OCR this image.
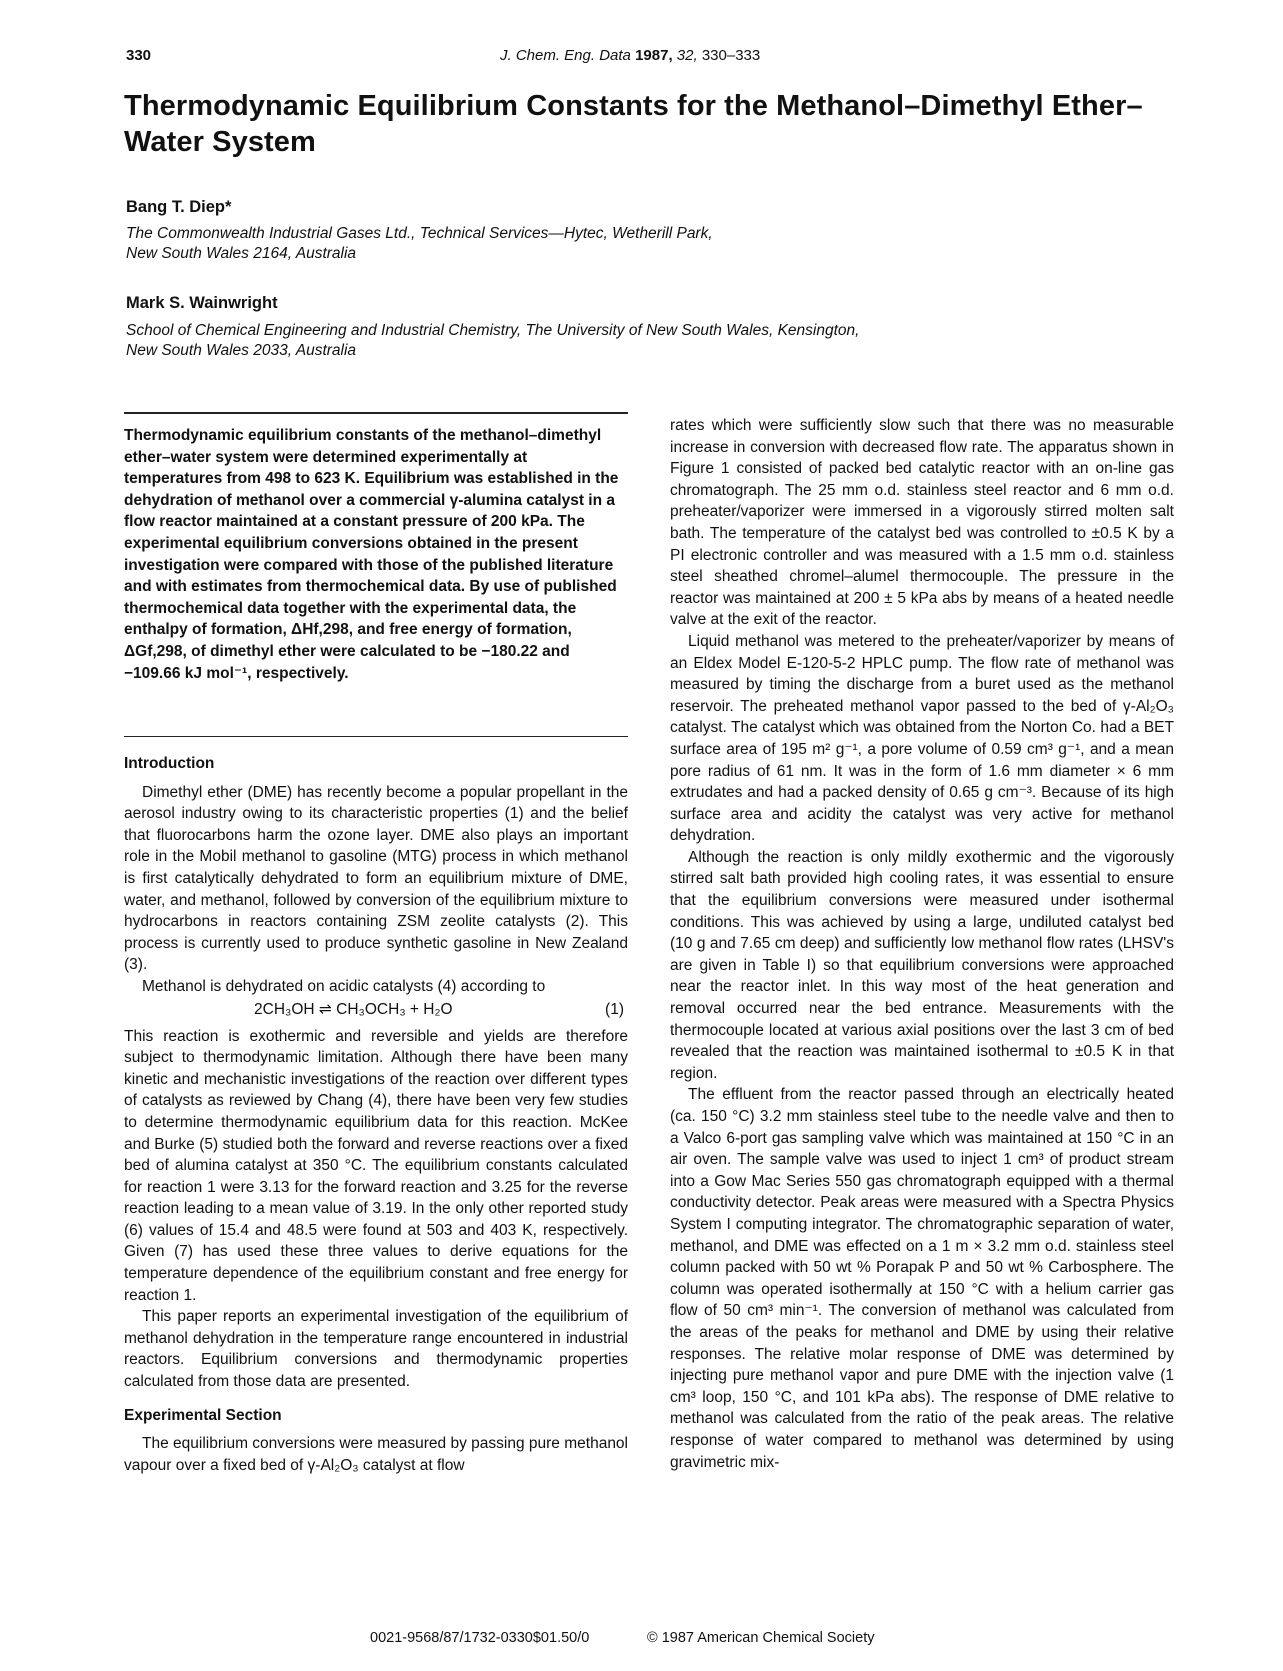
330	J. Chem. Eng. Data 1987, 32, 330–333
Thermodynamic Equilibrium Constants for the Methanol–Dimethyl Ether–Water System

Bang T. Diep*

The Commonwealth Industrial Gases Ltd., Technical Services—Hytec, Wetherill Park,
New South Wales 2164, Australia

Mark S. Wainwright

School of Chemical Engineering and Industrial Chemistry, The University of New South Wales, Kensington,
New South Wales 2033, Australia

Thermodynamic equilibrium constants of the methanol–dimethyl ether–water system were determined experimentally at temperatures from 498 to 623 K. Equilibrium was established in the dehydration of methanol over a commercial γ-alumina catalyst in a flow reactor maintained at a constant pressure of 200 kPa. The experimental equilibrium conversions obtained in the present investigation were compared with those of the published literature and with estimates from thermochemical data. By use of published thermochemical data together with the experimental data, the enthalpy of formation, ΔHf,298, and free energy of formation, ΔGf,298, of dimethyl ether were calculated to be −180.22 and −109.66 kJ mol⁻¹, respectively.

Introduction

Dimethyl ether (DME) has recently become a popular propellant in the aerosol industry owing to its characteristic properties (1) and the belief that fluorocarbons harm the ozone layer. DME also plays an important role in the Mobil methanol to gasoline (MTG) process in which methanol is first catalytically dehydrated to form an equilibrium mixture of DME, water, and methanol, followed by conversion of the equilibrium mixture to hydrocarbons in reactors containing ZSM zeolite catalysts (2). This process is currently used to produce synthetic gasoline in New Zealand (3).

Methanol is dehydrated on acidic catalysts (4) according to

2CH₃OH ⇌ CH₃OCH₃ + H₂O	(1)

This reaction is exothermic and reversible and yields are therefore subject to thermodynamic limitation. Although there have been many kinetic and mechanistic investigations of the reaction over different types of catalysts as reviewed by Chang (4), there have been very few studies to determine thermodynamic equilibrium data for this reaction. McKee and Burke (5) studied both the forward and reverse reactions over a fixed bed of alumina catalyst at 350 °C. The equilibrium constants calculated for reaction 1 were 3.13 for the forward reaction and 3.25 for the reverse reaction leading to a mean value of 3.19. In the only other reported study (6) values of 15.4 and 48.5 were found at 503 and 403 K, respectively. Given (7) has used these three values to derive equations for the temperature dependence of the equilibrium constant and free energy for reaction 1.

This paper reports an experimental investigation of the equilibrium of methanol dehydration in the temperature range encountered in industrial reactors. Equilibrium conversions and thermodynamic properties calculated from those data are presented.

Experimental Section

The equilibrium conversions were measured by passing pure methanol vapour over a fixed bed of γ-Al₂O₃ catalyst at flow

rates which were sufficiently slow such that there was no measurable increase in conversion with decreased flow rate. The apparatus shown in Figure 1 consisted of packed bed catalytic reactor with an on-line gas chromatograph. The 25 mm o.d. stainless steel reactor and 6 mm o.d. preheater/vaporizer were immersed in a vigorously stirred molten salt bath. The temperature of the catalyst bed was controlled to ±0.5 K by a PI electronic controller and was measured with a 1.5 mm o.d. stainless steel sheathed chromel–alumel thermocouple. The pressure in the reactor was maintained at 200 ± 5 kPa abs by means of a heated needle valve at the exit of the reactor.

Liquid methanol was metered to the preheater/vaporizer by means of an Eldex Model E-120-5-2 HPLC pump. The flow rate of methanol was measured by timing the discharge from a buret used as the methanol reservoir. The preheated methanol vapor passed to the bed of γ-Al₂O₃ catalyst. The catalyst which was obtained from the Norton Co. had a BET surface area of 195 m² g⁻¹, a pore volume of 0.59 cm³ g⁻¹, and a mean pore radius of 61 nm. It was in the form of 1.6 mm diameter × 6 mm extrudates and had a packed density of 0.65 g cm⁻³. Because of its high surface area and acidity the catalyst was very active for methanol dehydration.

Although the reaction is only mildly exothermic and the vigorously stirred salt bath provided high cooling rates, it was essential to ensure that the equilibrium conversions were measured under isothermal conditions. This was achieved by using a large, undiluted catalyst bed (10 g and 7.65 cm deep) and sufficiently low methanol flow rates (LHSV's are given in Table I) so that equilibrium conversions were approached near the reactor inlet. In this way most of the heat generation and removal occurred near the bed entrance. Measurements with the thermocouple located at various axial positions over the last 3 cm of bed revealed that the reaction was maintained isothermal to ±0.5 K in that region.

The effluent from the reactor passed through an electrically heated (ca. 150 °C) 3.2 mm stainless steel tube to the needle valve and then to a Valco 6-port gas sampling valve which was maintained at 150 °C in an air oven. The sample valve was used to inject 1 cm³ of product stream into a Gow Mac Series 550 gas chromatograph equipped with a thermal conductivity detector. Peak areas were measured with a Spectra Physics System I computing integrator. The chromatographic separation of water, methanol, and DME was effected on a 1 m × 3.2 mm o.d. stainless steel column packed with 50 wt % Porapak P and 50 wt % Carbosphere. The column was operated isothermally at 150 °C with a helium carrier gas flow of 50 cm³ min⁻¹. The conversion of methanol was calculated from the areas of the peaks for methanol and DME by using their relative responses. The relative molar response of DME was determined by injecting pure methanol vapor and pure DME with the injection valve (1 cm³ loop, 150 °C, and 101 kPa abs). The response of DME relative to methanol was calculated from the ratio of the peak areas. The relative response of water compared to methanol was determined by using gravimetric mix-

0021-9568/87/1732-0330$01.50/0	© 1987 American Chemical Society
